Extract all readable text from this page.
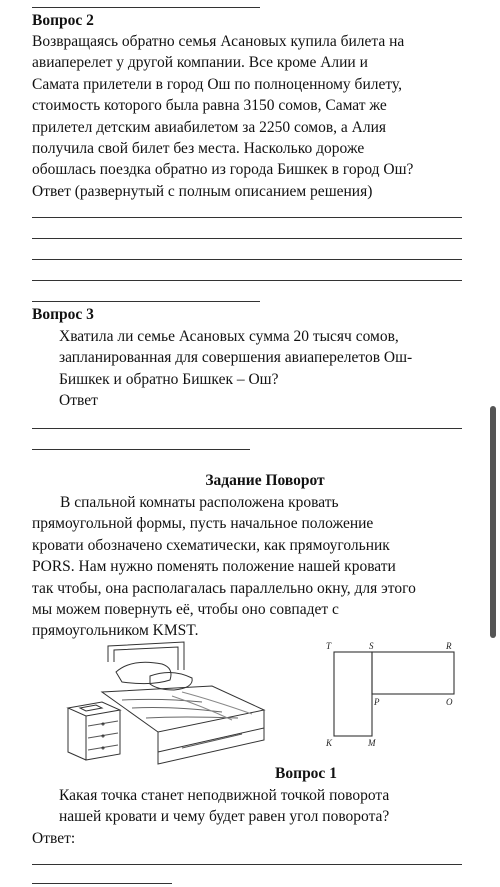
Вопрос 2
Возвращаясь обратно семья Асановых купила билета на
авиаперелет у другой компании. Все кроме Алии и
Самата прилетели в город Ош по полноценному билету,
стоимость которого была равна 3150 сомов, Самат же
прилетел детским авиабилетом за 2250 сомов, а Алия
получила свой билет без места. Насколько дороже
обошлась поездка обратно из города Бишкек в город Ош?
Ответ (развернутый с полным описанием решения)
Вопрос 3
Хватила ли семье Асановых сумма 20 тысяч сомов,
запланированная для совершения авиаперелетов Ош-
Бишкек и обратно Бишкек – Ош?
Ответ
Задание Поворот
В спальной комнаты расположена кровать
прямоугольной формы, пусть начальное положение
кровати обозначено схематически, как прямоугольник
PORS. Нам нужно поменять положение нашей кровати
так чтобы, она располагалась параллельно окну, для этого
мы можем повернуть её, чтобы оно совпадет с
прямоугольником KMST.
T	S	R
P	O
K	M
Вопрос 1
Какая точка станет неподвижной точкой поворота
нашей кровати и чему будет равен угол поворота?
Ответ:
